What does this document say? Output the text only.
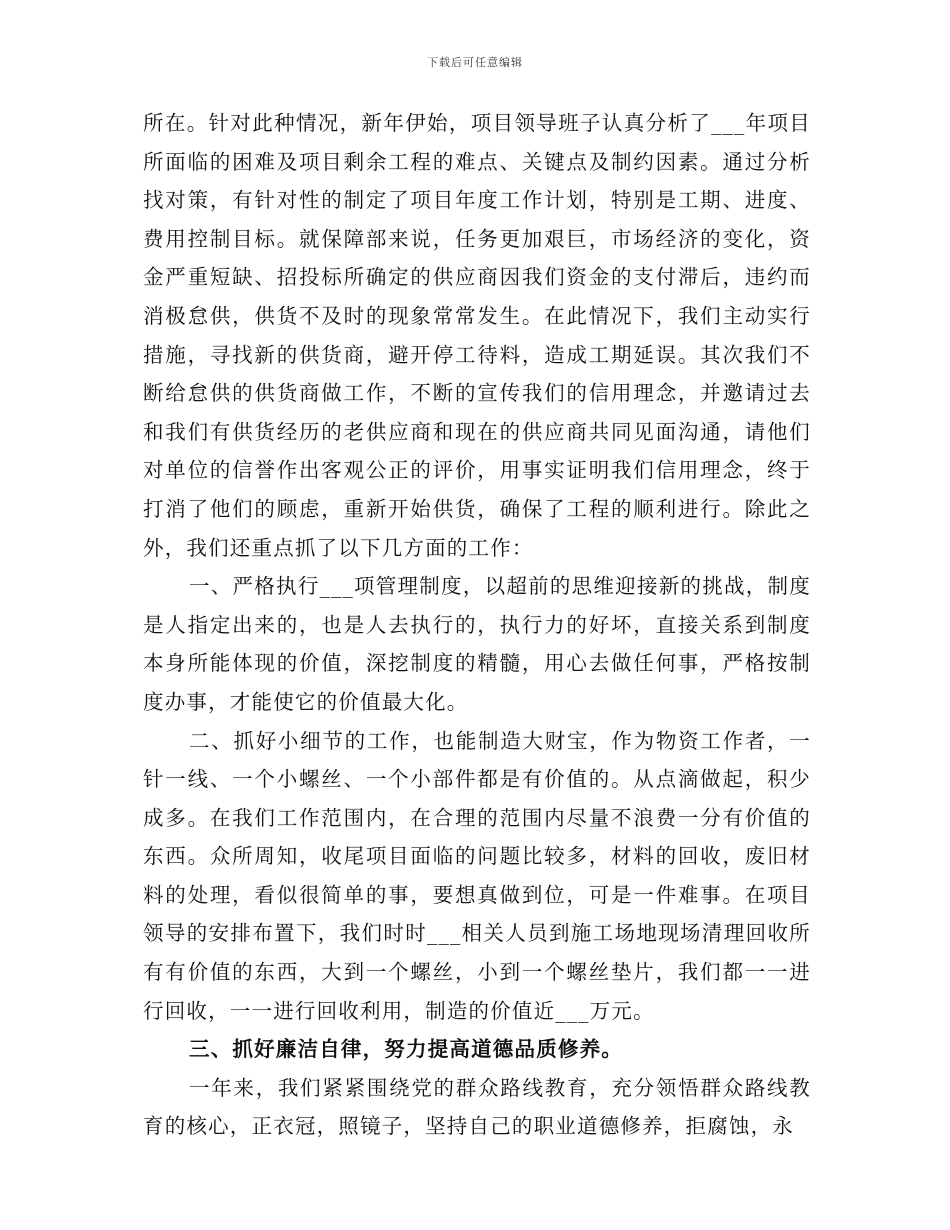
下载后可任意编辑

所在。针对此种情况，新年伊始，项目领导班子认真分析了___年项目所面临的困难及项目剩余工程的难点、关键点及制约因素。通过分析找对策，有针对性的制定了项目年度工作计划，特别是工期、进度、费用控制目标。就保障部来说，任务更加艰巨，市场经济的变化，资金严重短缺、招投标所确定的供应商因我们资金的支付滞后，违约而消极怠供，供货不及时的现象常常发生。在此情况下，我们主动实行措施，寻找新的供货商，避开停工待料，造成工期延误。其次我们不断给怠供的供货商做工作，不断的宣传我们的信用理念，并邀请过去和我们有供货经历的老供应商和现在的供应商共同见面沟通，请他们对单位的信誉作出客观公正的评价，用事实证明我们信用理念，终于打消了他们的顾虑，重新开始供货，确保了工程的顺利进行。除此之外，我们还重点抓了以下几方面的工作：

一、严格执行___项管理制度，以超前的思维迎接新的挑战，制度是人指定出来的，也是人去执行的，执行力的好坏，直接关系到制度本身所能体现的价值，深挖制度的精髓，用心去做任何事，严格按制度办事，才能使它的价值最大化。

二、抓好小细节的工作，也能制造大财宝，作为物资工作者，一针一线、一个小螺丝、一个小部件都是有价值的。从点滴做起，积少成多。在我们工作范围内，在合理的范围内尽量不浪费一分有价值的东西。众所周知，收尾项目面临的问题比较多，材料的回收，废旧材料的处理，看似很简单的事，要想真做到位，可是一件难事。在项目领导的安排布置下，我们时时___相关人员到施工场地现场清理回收所有有价值的东西，大到一个螺丝，小到一个螺丝垫片，我们都一一进行回收，一一进行回收利用，制造的价值近___万元。

三、抓好廉洁自律，努力提高道德品质修养。

一年来，我们紧紧围绕党的群众路线教育，充分领悟群众路线教育的核心，正衣冠，照镜子，坚持自己的职业道德修养，拒腐蚀，永
